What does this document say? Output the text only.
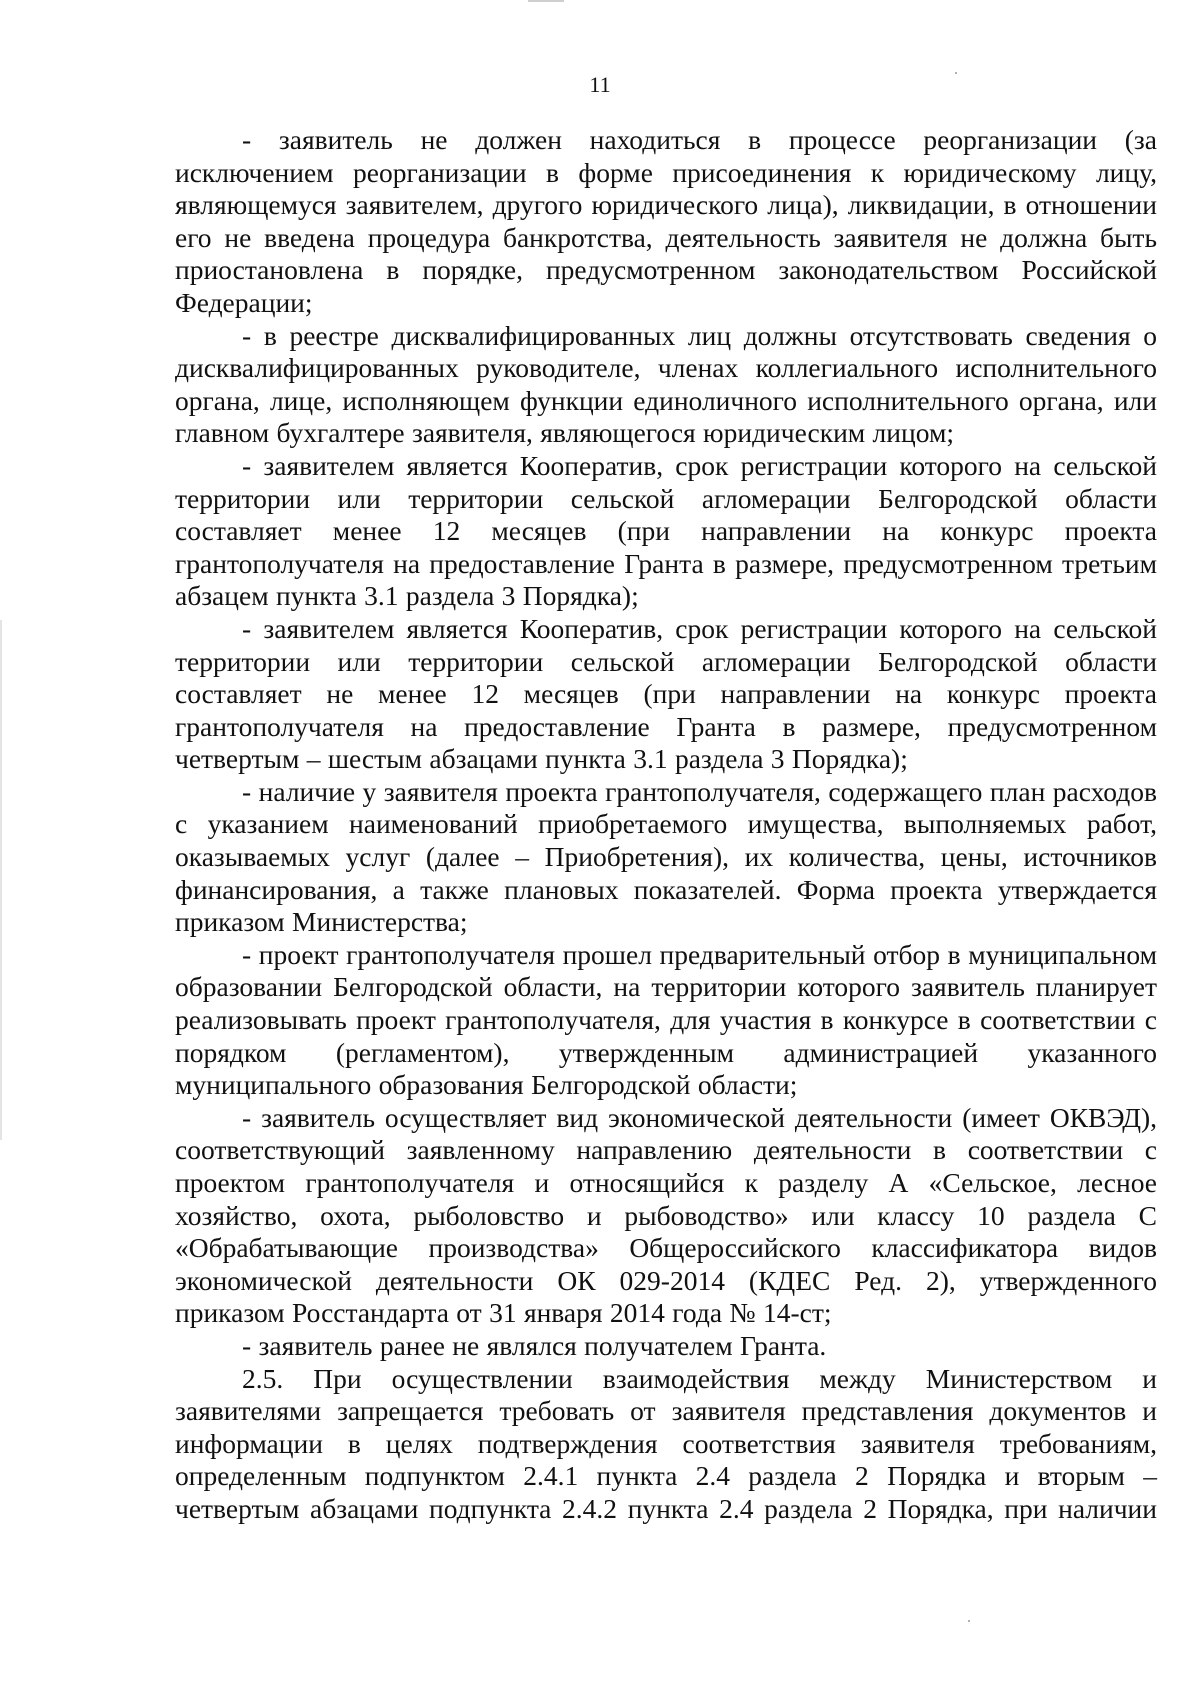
11

- заявитель не должен находиться в процессе реорганизации (за исключением реорганизации в форме присоединения к юридическому лицу, являющемуся заявителем, другого юридического лица), ликвидации, в отношении его не введена процедура банкротства, деятельность заявителя не должна быть приостановлена в порядке, предусмотренном законодательством Российской Федерации;

- в реестре дисквалифицированных лиц должны отсутствовать сведения о дисквалифицированных руководителе, членах коллегиального исполнительного органа, лице, исполняющем функции единоличного исполнительного органа, или главном бухгалтере заявителя, являющегося юридическим лицом;

- заявителем является Кооператив, срок регистрации которого на сельской территории или территории сельской агломерации Белгородской области составляет менее 12 месяцев (при направлении на конкурс проекта грантополучателя на предоставление Гранта в размере, предусмотренном третьим абзацем пункта 3.1 раздела 3 Порядка);

- заявителем является Кооператив, срок регистрации которого на сельской территории или территории сельской агломерации Белгородской области составляет не менее 12 месяцев (при направлении на конкурс проекта грантополучателя на предоставление Гранта в размере, предусмотренном четвертым – шестым абзацами пункта 3.1 раздела 3 Порядка);

- наличие у заявителя проекта грантополучателя, содержащего план расходов с указанием наименований приобретаемого имущества, выполняемых работ, оказываемых услуг (далее – Приобретения), их количества, цены, источников финансирования, а также плановых показателей. Форма проекта утверждается приказом Министерства;

- проект грантополучателя прошел предварительный отбор в муниципальном образовании Белгородской области, на территории которого заявитель планирует реализовывать проект грантополучателя, для участия в конкурсе в соответствии с порядком (регламентом), утвержденным администрацией указанного муниципального образования Белгородской области;

- заявитель осуществляет вид экономической деятельности (имеет ОКВЭД), соответствующий заявленному направлению деятельности в соответствии с проектом грантополучателя и относящийся к разделу А «Сельское, лесное хозяйство, охота, рыболовство и рыбоводство» или классу 10 раздела С «Обрабатывающие производства» Общероссийского классификатора видов экономической деятельности ОК 029-2014 (КДЕС Ред. 2), утвержденного приказом Росстандарта от 31 января 2014 года № 14-ст;

- заявитель ранее не являлся получателем Гранта.

2.5. При осуществлении взаимодействия между Министерством и заявителями запрещается требовать от заявителя представления документов и информации в целях подтверждения соответствия заявителя требованиям, определенным подпунктом 2.4.1 пункта 2.4 раздела 2 Порядка и вторым – четвертым абзацами подпункта 2.4.2 пункта 2.4 раздела 2 Порядка, при наличии
